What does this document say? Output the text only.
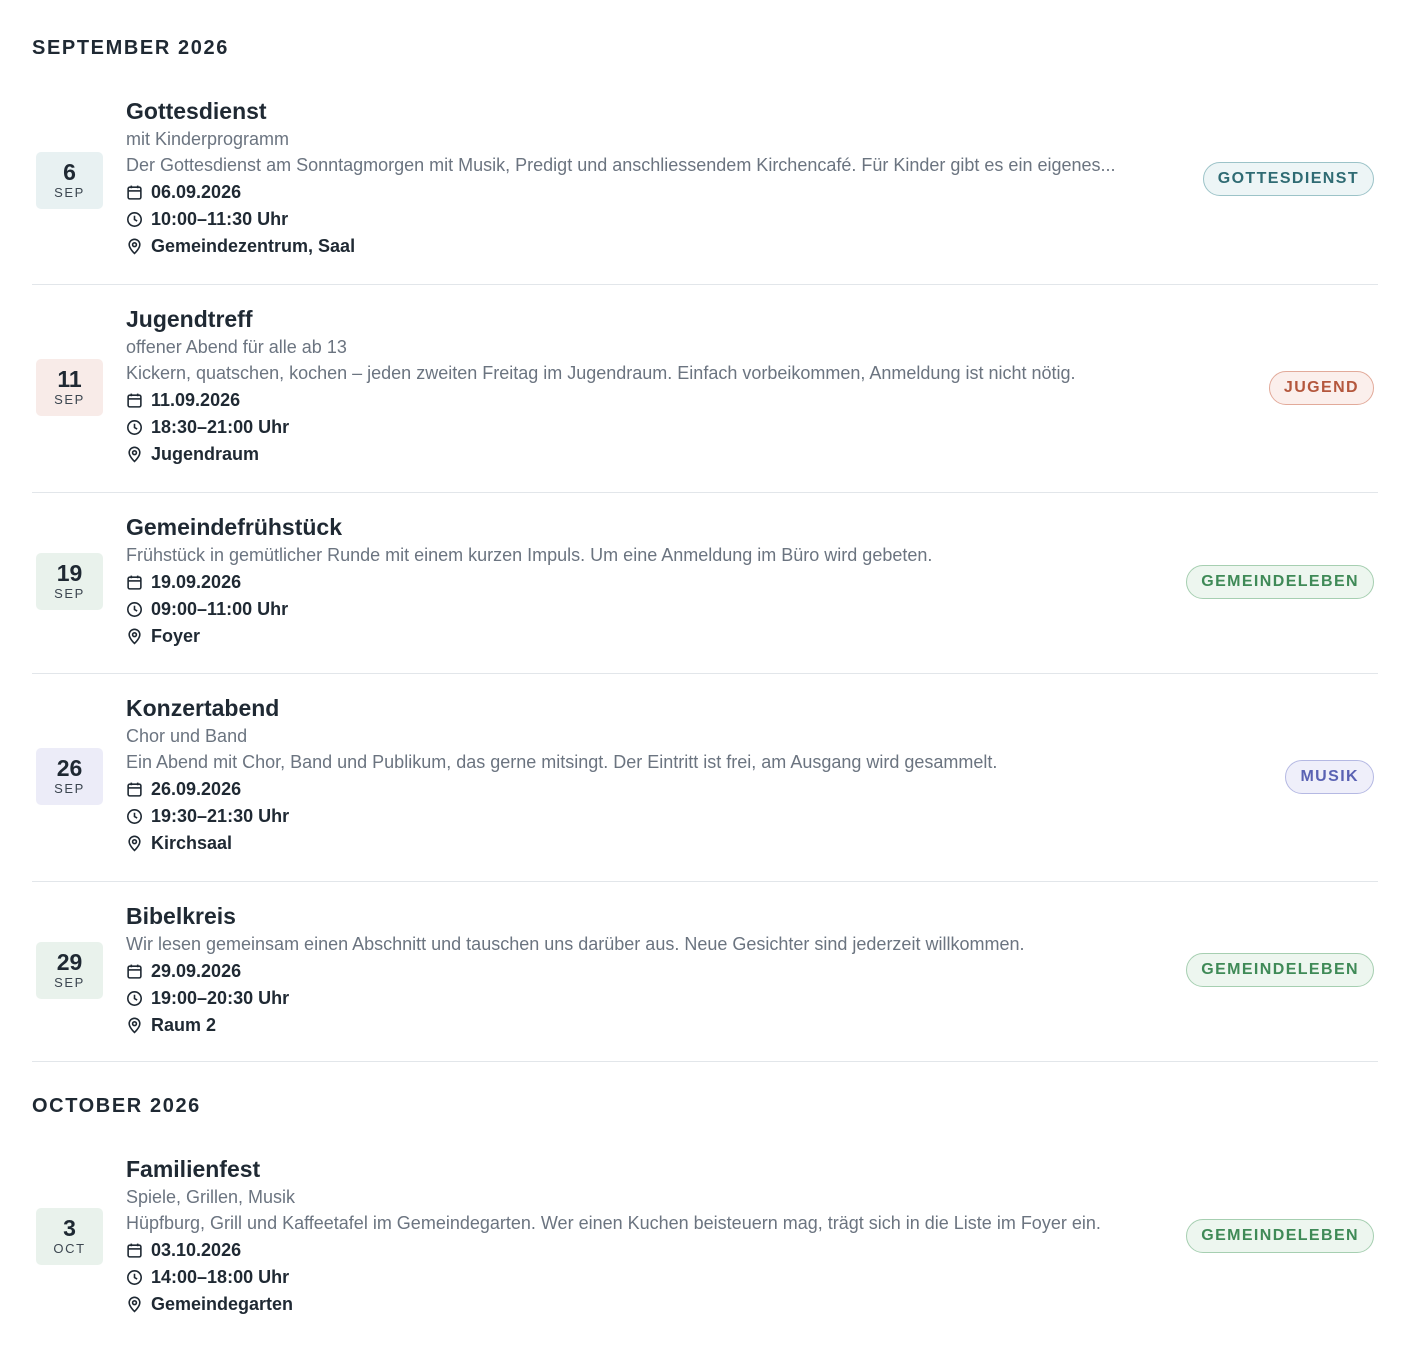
SEPTEMBER 2026
6
SEP
Gottesdienst
mit Kinderprogramm
Der Gottesdienst am Sonntagmorgen mit Musik, Predigt und anschliessendem Kirchencafé. Für Kinder gibt es ein eigenes...
06.09.2026
10:00–11:30 Uhr
Gemeindezentrum, Saal
GOTTESDIENST
11
SEP
Jugendtreff
offener Abend für alle ab 13
Kickern, quatschen, kochen – jeden zweiten Freitag im Jugendraum. Einfach vorbeikommen, Anmeldung ist nicht nötig.
11.09.2026
18:30–21:00 Uhr
Jugendraum
JUGEND
19
SEP
Gemeindefrühstück
Frühstück in gemütlicher Runde mit einem kurzen Impuls. Um eine Anmeldung im Büro wird gebeten.
19.09.2026
09:00–11:00 Uhr
Foyer
GEMEINDELEBEN
26
SEP
Konzertabend
Chor und Band
Ein Abend mit Chor, Band und Publikum, das gerne mitsingt. Der Eintritt ist frei, am Ausgang wird gesammelt.
26.09.2026
19:30–21:30 Uhr
Kirchsaal
MUSIK
29
SEP
Bibelkreis
Wir lesen gemeinsam einen Abschnitt und tauschen uns darüber aus. Neue Gesichter sind jederzeit willkommen.
29.09.2026
19:00–20:30 Uhr
Raum 2
GEMEINDELEBEN
OCTOBER 2026
3
OCT
Familienfest
Spiele, Grillen, Musik
Hüpfburg, Grill und Kaffeetafel im Gemeindegarten. Wer einen Kuchen beisteuern mag, trägt sich in die Liste im Foyer ein.
03.10.2026
14:00–18:00 Uhr
Gemeindegarten
GEMEINDELEBEN
